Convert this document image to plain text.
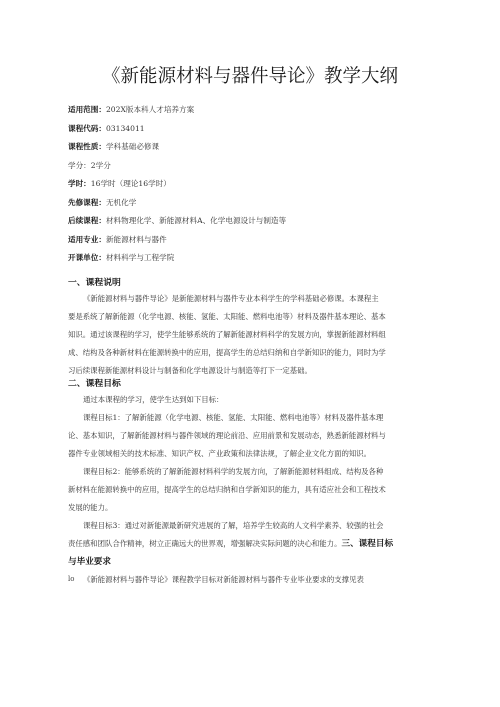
《新能源材料与器件导论》教学大纲
适用范围：202X版本科人才培养方案
课程代码：03134011
课程性质：学科基础必修课
学分：2学分
学时：16学时（理论16学时）
先修课程：无机化学
后续课程：材料物理化学、新能源材料A、化学电源设计与制造等
适用专业：新能源材料与器件
开课单位：材料科学与工程学院
一、课程说明
《新能源材料与器件导论》是新能源材料与器件专业本科学生的学科基础必修课。本课程主
要是系统了解新能源（化学电源、核能、氢能、太阳能、燃料电池等）材料及器件基本理论、基本
知识。通过该课程的学习，使学生能够系统的了解新能源材料科学的发展方向，掌握新能源材料组
成、结构及各种新材料在能源转换中的应用，提高学生的总结归纳和自学新知识的能力，同时为学
习后续课程新能源材料设计与制备和化学电源设计与制造等打下一定基础。
二、课程目标
通过本课程的学习，使学生达到如下目标：
课程目标1：了解新能源（化学电源、核能、氢能、太阳能、燃料电池等）材料及器件基本理
论、基本知识，了解新能源材料与器件领域的理论前沿、应用前景和发展动态，熟悉新能源材料与
器件专业领域相关的技术标准、知识产权、产业政策和法律法规，了解企业文化方面的知识。
课程目标2：能够系统的了解新能源材料科学的发展方向，了解新能源材料组成、结构及各种
新材料在能源转换中的应用，提高学生的总结归纳和自学新知识的能力，具有适应社会和工程技术
发展的能力。
课程目标3：通过对新能源最新研究进展的了解，培养学生较高的人文科学素养、较强的社会
责任感和团队合作精神，树立正确远大的世界观，增强解决实际问题的决心和能力。三、课程目标
与毕业要求
《新能源材料与器件导论》课程教学目标对新能源材料与器件专业毕业要求的支撑见表
lo
